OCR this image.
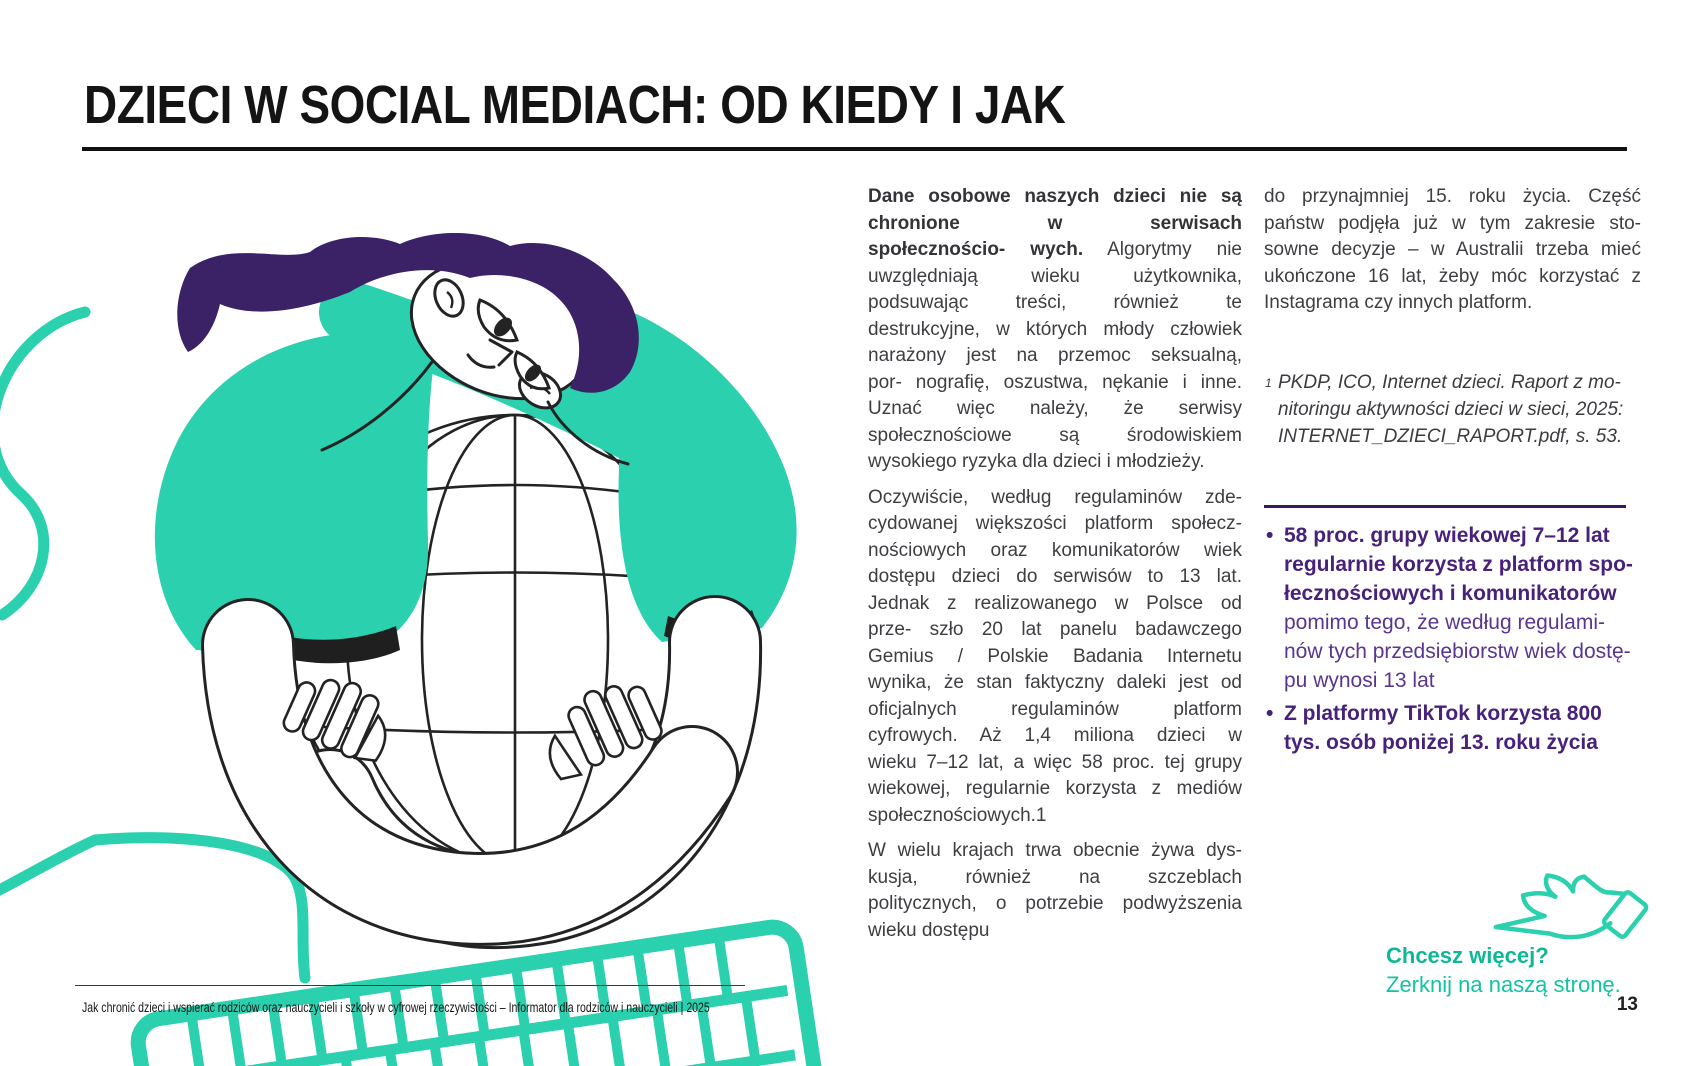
DZIECI W SOCIAL MEDIACH: OD KIEDY I JAK
Dane osobowe naszych dzieci nie są
chronione w serwisach
społecznościo- wych. Algorytmy nie
uwzględniają wieku użytkownika,
podsuwając treści, również te
destrukcyjne, w których młody człowiek
narażony jest na przemoc seksualną,
por- nografię, oszustwa, nękanie i inne.
Uznać więc należy, że serwisy
społecznościowe są środowiskiem
wysokiego ryzyka dla dzieci i młodzieży.
Oczywiście, według regulaminów zde-
cydowanej większości platform społecz-
nościowych oraz komunikatorów wiek
dostępu dzieci do serwisów to 13 lat.
Jednak z realizowanego w Polsce od
prze- szło 20 lat panelu badawczego
Gemius / Polskie Badania Internetu
wynika, że stan faktyczny daleki jest od
oficjalnych regulaminów platform
cyfrowych. Aż 1,4 miliona dzieci w
wieku 7–12 lat, a więc 58 proc. tej grupy
wiekowej, regularnie korzysta z mediów
społecznościowych.1
W wielu krajach trwa obecnie żywa dys-
kusja, również na szczeblach
politycznych, o potrzebie podwyższenia
wieku dostępu
do przynajmniej 15. roku życia. Część
państw podjęła już w tym zakresie sto-
sowne decyzje – w Australii trzeba mieć
ukończone 16 lat, żeby móc korzystać z
Instagrama czy innych platform.
1 PKDP, ICO, Internet dzieci. Raport z mo-
nitoringu aktywności dzieci w sieci, 2025:
INTERNET_DZIECI_RAPORT.pdf, s. 53.
• 58 proc. grupy wiekowej 7–12 lat
regularnie korzysta z platform spo-
łecznościowych i komunikatorów
pomimo tego, że według regulami-
nów tych przedsiębiorstw wiek dostę-
pu wynosi 13 lat
• Z platformy TikTok korzysta 800
tys. osób poniżej 13. roku życia
Chcesz więcej?
Zerknij na naszą stronę.
Jak chronić dzieci i wspierać rodziców oraz nauczycieli i szkoły w cyfrowej rzeczywistości – Informator dla rodziców i nauczycieli | 2025	13
